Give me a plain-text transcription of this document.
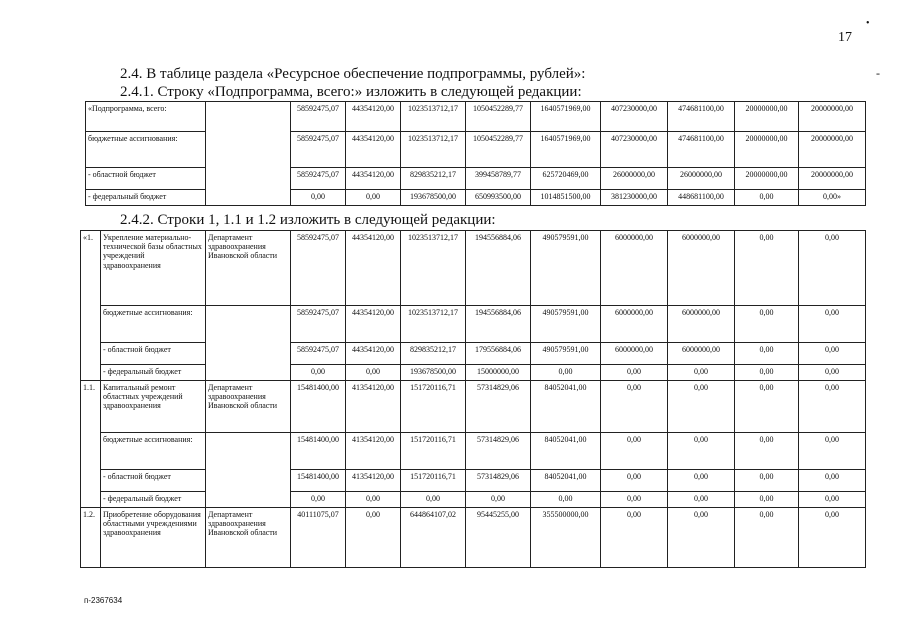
17
•
-
2.4. В таблице раздела «Ресурсное обеспечение подпрограммы, рублей»:
2.4.1. Строку «Подпрограмма, всего:» изложить в следующей редакции:
«Подпрограмма, всего:		58592475,07	44354120,00	1023513712,17	1050452289,77	1640571969,00	407230000,00	474681100,00	20000000,00	20000000,00
бюджетные ассигнования:		58592475,07	44354120,00	1023513712,17	1050452289,77	1640571969,00	407230000,00	474681100,00	20000000,00	20000000,00
- областной бюджет		58592475,07	44354120,00	829835212,17	399458789,77	625720469,00	26000000,00	26000000,00	20000000,00	20000000,00
- федеральный бюджет		0,00	0,00	193678500,00	650993500,00	1014851500,00	381230000,00	448681100,00	0,00	0,00»
2.4.2. Строки 1, 1.1 и 1.2 изложить в следующей редакции:
«1.	Укрепление материально-технической базы областных учреждений здравоохранения	Департамент здравоохранения Ивановской области	58592475,07	44354120,00	1023513712,17	194556884,06	490579591,00	6000000,00	6000000,00	0,00	0,00
	бюджетные ассигнования:		58592475,07	44354120,00	1023513712,17	194556884,06	490579591,00	6000000,00	6000000,00	0,00	0,00
	- областной бюджет		58592475,07	44354120,00	829835212,17	179556884,06	490579591,00	6000000,00	6000000,00	0,00	0,00
	- федеральный бюджет		0,00	0,00	193678500,00	15000000,00	0,00	0,00	0,00	0,00	0,00
1.1.	Капитальный ремонт областных учреждений здравоохранения	Департамент здравоохранения Ивановской области	15481400,00	41354120,00	151720116,71	57314829,06	84052041,00	0,00	0,00	0,00	0,00
	бюджетные ассигнования:		15481400,00	41354120,00	151720116,71	57314829,06	84052041,00	0,00	0,00	0,00	0,00
	- областной бюджет		15481400,00	41354120,00	151720116,71	57314829,06	84052041,00	0,00	0,00	0,00	0,00
	- федеральный бюджет		0,00	0,00	0,00	0,00	0,00	0,00	0,00	0,00	0,00
1.2.	Приобретение оборудования областными учреждениями здравоохранения	Департамент здравоохранения Ивановской области	40111075,07	0,00	644864107,02	95445255,00	355500000,00	0,00	0,00	0,00	0,00
п-2367634
